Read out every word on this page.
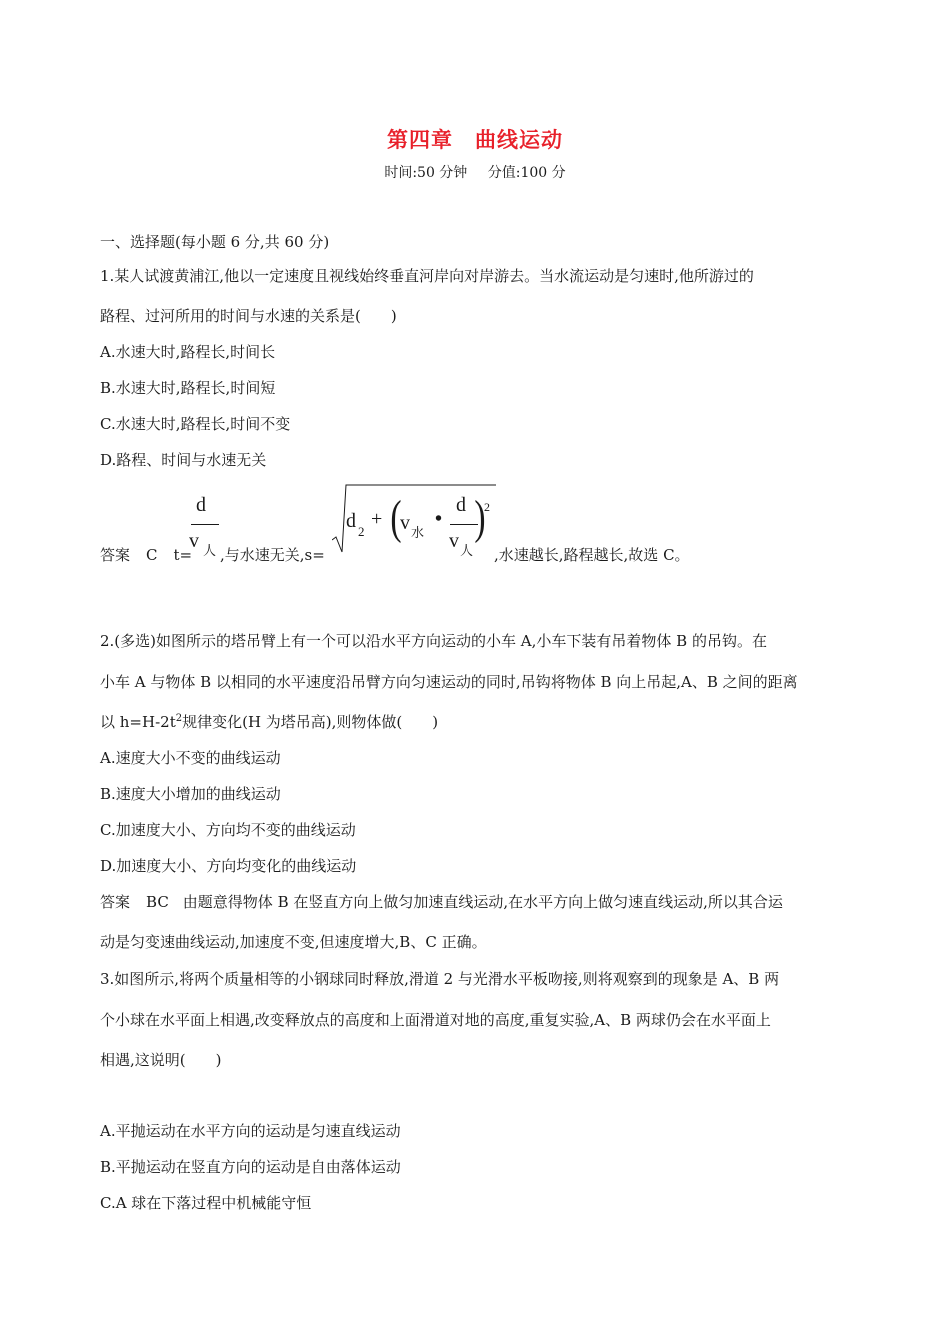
第四章　曲线运动
时间:50 分钟 分值:100 分
一、选择题(每小题 6 分,共 60 分)
1.某人试渡黄浦江,他以一定速度且视线始终垂直河岸向对岸游去。当水流运动是匀速时,他所游过的
路程、过河所用的时间与水速的关系是(　　)
A.水速大时,路程长,时间长
B.水速大时,路程长,时间短
C.水速大时,路程长,时间不变
D.路程、时间与水速无关
答案 C t= ,与水速无关,s=	,水速越长,路程越长,故选 C。
d
v 人
d 2
+ (
v 水
•
d
v 人
)
2
2.(多选)如图所示的塔吊臂上有一个可以沿水平方向运动的小车 A,小车下装有吊着物体 B 的吊钩。在
小车 A 与物体 B 以相同的水平速度沿吊臂方向匀速运动的同时,吊钩将物体 B 向上吊起,A、B 之间的距离
以 $h=H-2t^2$规律变化(H 为塔吊高),则物体做(　　)
A.速度大小不变的曲线运动
B.速度大小增加的曲线运动
C.加速度大小、方向均不变的曲线运动
D.加速度大小、方向均变化的曲线运动
答案 BC 由题意得物体 B 在竖直方向上做匀加速直线运动,在水平方向上做匀速直线运动,所以其合运
动是匀变速曲线运动,加速度不变,但速度增大,B、C 正确。
3.如图所示,将两个质量相等的小钢球同时释放,滑道 2 与光滑水平板吻接,则将观察到的现象是 A、B 两
个小球在水平面上相遇,改变释放点的高度和上面滑道对地的高度,重复实验,A、B 两球仍会在水平面上
相遇,这说明(　　)
A.平抛运动在水平方向的运动是匀速直线运动
B.平抛运动在竖直方向的运动是自由落体运动
C.A 球在下落过程中机械能守恒
